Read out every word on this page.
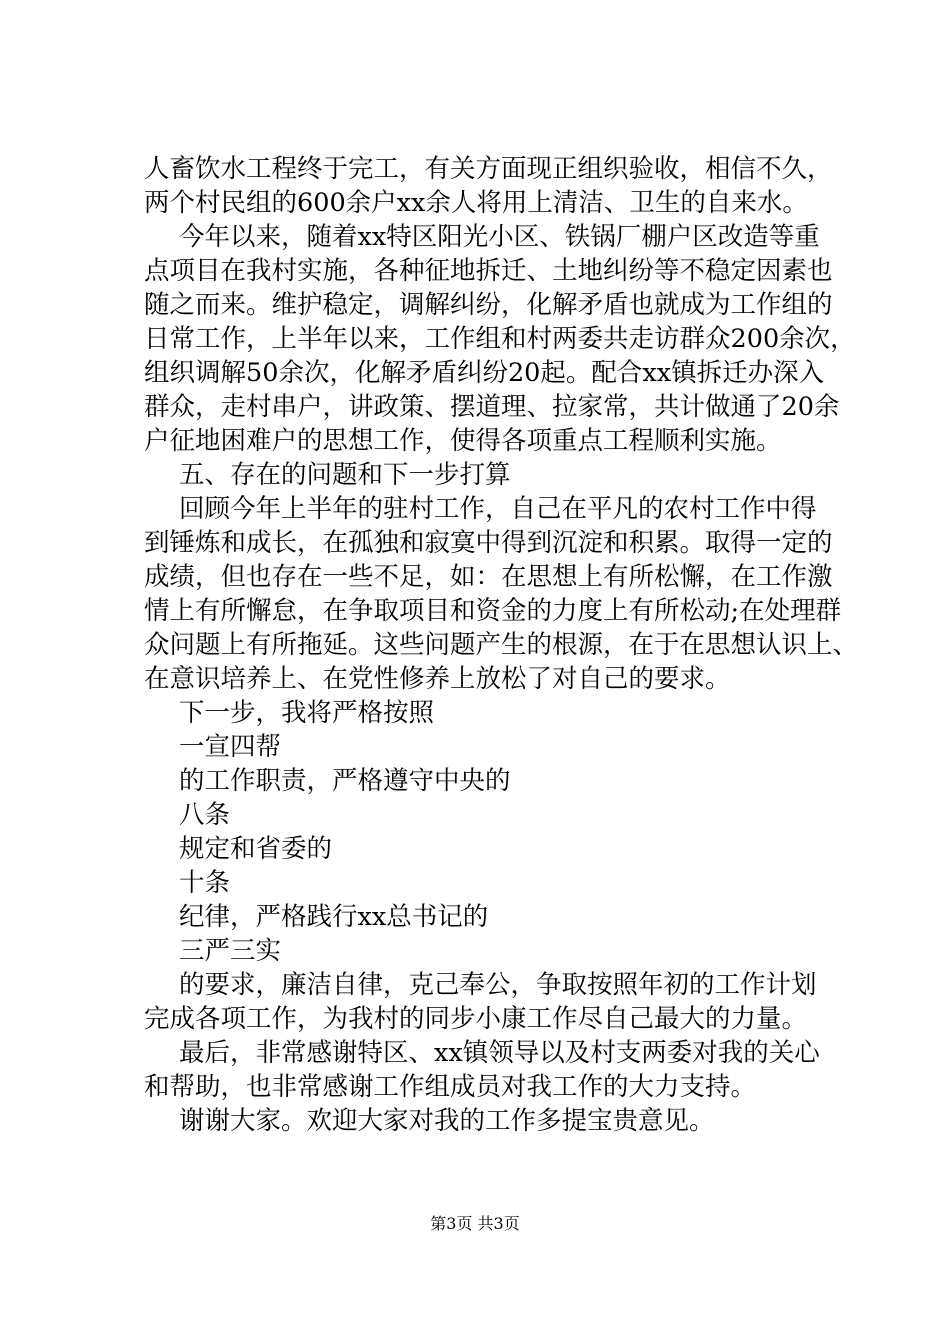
人畜饮水工程终于完工，有关方面现正组织验收，相信不久，
两个村民组的600余户xx余人将用上清洁、卫生的自来水。
今年以来，随着xx特区阳光小区、铁锅厂棚户区改造等重
点项目在我村实施，各种征地拆迁、土地纠纷等不稳定因素也
随之而来。维护稳定，调解纠纷，化解矛盾也就成为工作组的
日常工作，上半年以来，工作组和村两委共走访群众200余次，
组织调解50余次，化解矛盾纠纷20起。配合xx镇拆迁办深入
群众，走村串户，讲政策、摆道理、拉家常，共计做通了20余
户征地困难户的思想工作，使得各项重点工程顺利实施。
五、存在的问题和下一步打算
回顾今年上半年的驻村工作，自己在平凡的农村工作中得
到锤炼和成长，在孤独和寂寞中得到沉淀和积累。取得一定的
成绩，但也存在一些不足，如：在思想上有所松懈，在工作激
情上有所懈怠，在争取项目和资金的力度上有所松动;在处理群
众问题上有所拖延。这些问题产生的根源，在于在思想认识上、
在意识培养上、在党性修养上放松了对自己的要求。
下一步，我将严格按照
一宣四帮
的工作职责，严格遵守中央的
八条
规定和省委的
十条
纪律，严格践行xx总书记的
三严三实
的要求，廉洁自律，克己奉公，争取按照年初的工作计划
完成各项工作，为我村的同步小康工作尽自己最大的力量。
最后，非常感谢特区、xx镇领导以及村支两委对我的关心
和帮助，也非常感谢工作组成员对我工作的大力支持。
谢谢大家。欢迎大家对我的工作多提宝贵意见。
第3页 共3页
